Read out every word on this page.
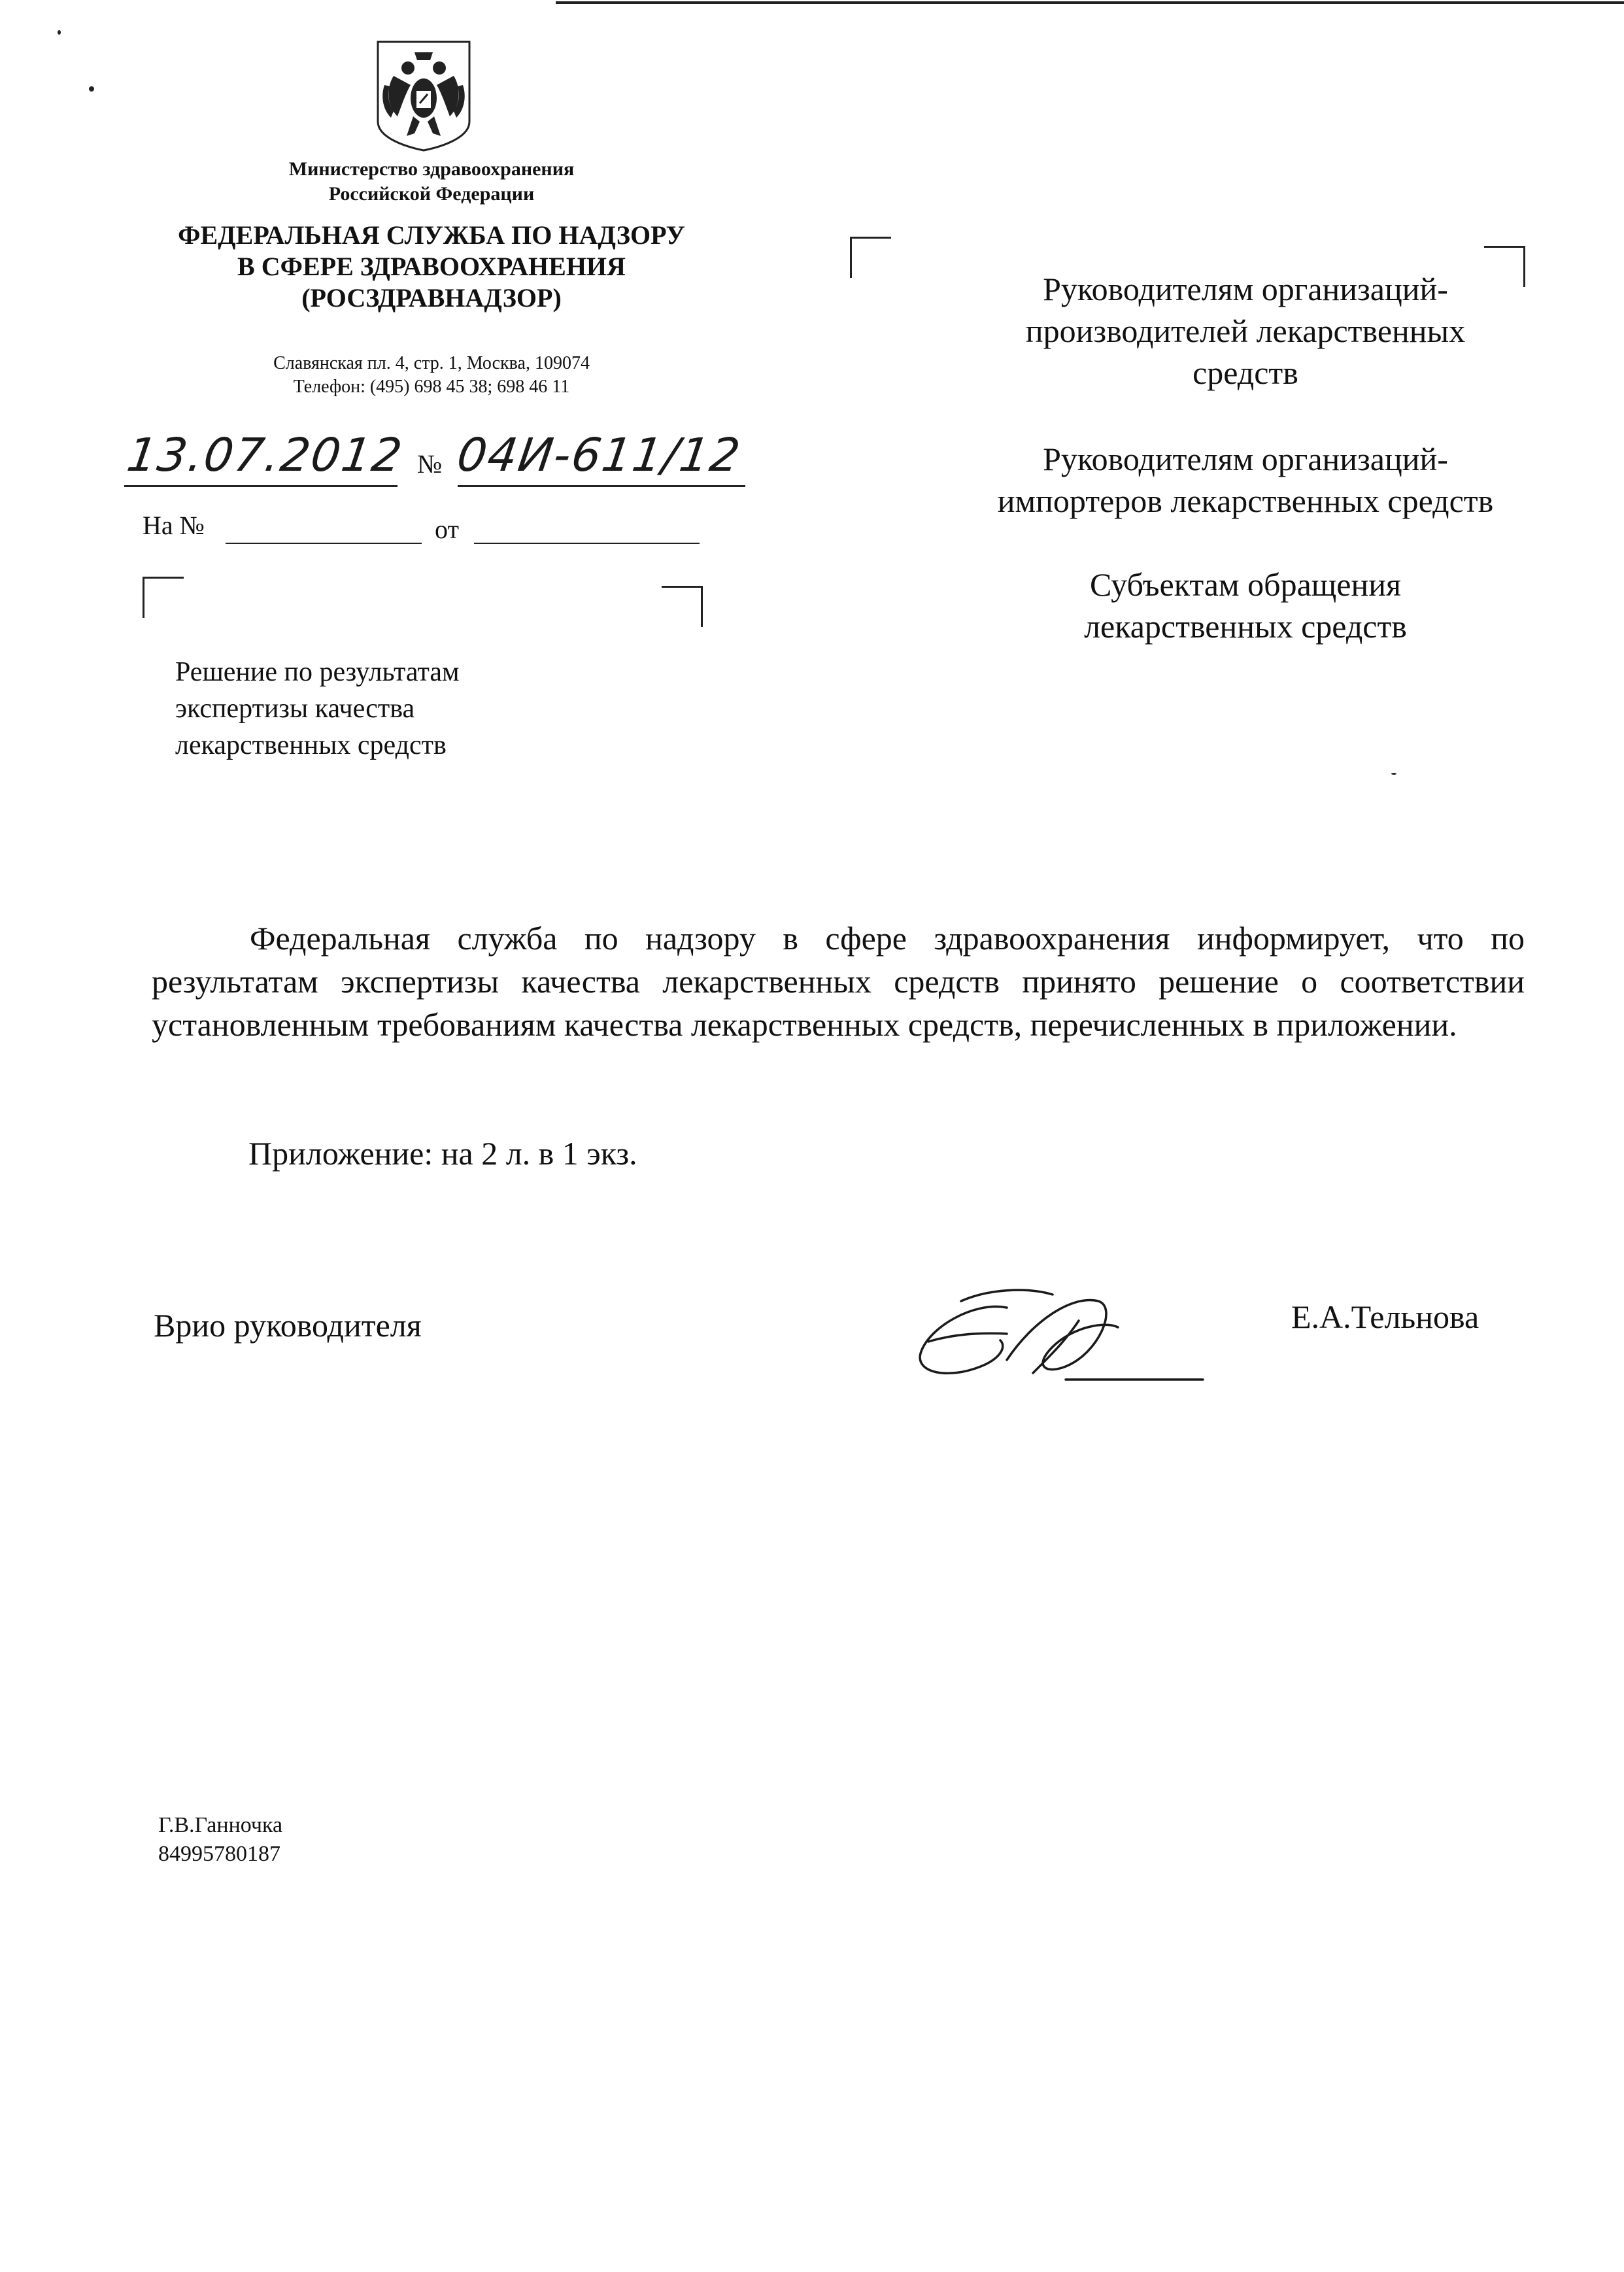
Министерство здравоохранения
Российской Федерации
ФЕДЕРАЛЬНАЯ СЛУЖБА ПО НАДЗОРУ
В СФЕРЕ ЗДРАВООХРАНЕНИЯ
(РОСЗДРАВНАДЗОР)
Славянская пл. 4, стр. 1, Москва, 109074
Телефон: (495) 698 45 38; 698 46 11
13.07.2012 № 04И-611/12
На №	от
Решение по результатам
экспертизы качества
лекарственных средств
Руководителям организаций-
производителей лекарственных
средств
Руководителям организаций-
импортеров лекарственных средств
Субъектам обращения
лекарственных средств
Федеральная служба по надзору в сфере здравоохранения информирует, что по результатам экспертизы качества лекарственных средств принято решение о соответствии установленным требованиям качества лекарственных средств, перечисленных в приложении.
Приложение: на 2 л. в 1 экз.
Врио руководителя	Е.А.Тельнова
Г.В.Ганночка
84995780187
